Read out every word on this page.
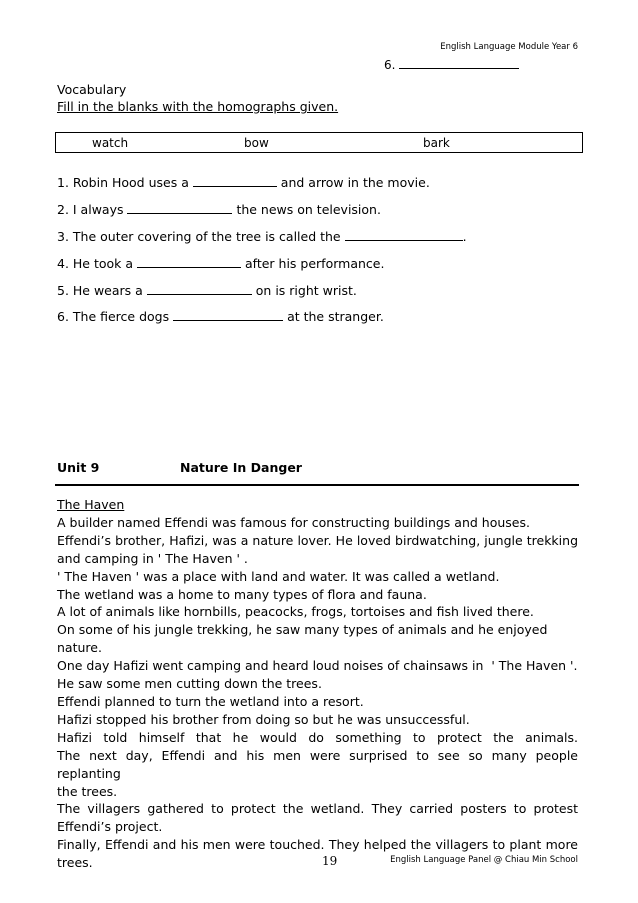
English Language Module Year 6
6.
Vocabulary
Fill in the blanks with the homographs given.
watch	bow	bark
1. Robin Hood uses a	and arrow in the movie.
2. I always	the news on television.
3. The outer covering of the tree is called the	.
4. He took a	after his performance.
5. He wears a	on is right wrist.
6. The fierce dogs	at the stranger.
Unit 9	Nature In Danger

The Haven

A builder named Effendi was famous for constructing buildings and houses.

Effendi’s brother, Hafizi, was a nature lover. He loved birdwatching, jungle trekking

and camping in ' The Haven ' .

' The Haven ' was a place with land and water. It was called a wetland.

The wetland was a home to many types of flora and fauna.

A lot of animals like hornbills, peacocks, frogs, tortoises and fish lived there.

On some of his jungle trekking, he saw many types of animals and he enjoyed nature.

One day Hafizi went camping and heard loud noises of chainsaws in  ' The Haven '.

He saw some men cutting down the trees.

Effendi planned to turn the wetland into a resort.

Hafizi stopped his brother from doing so but he was unsuccessful.

Hafizi told himself that he would do something to protect the animals.

The next day, Effendi and his men were surprised to see so many people replanting

the trees.

The villagers gathered to protect the wetland. They carried posters to protest

Effendi’s project.

Finally, Effendi and his men were touched. They helped the villagers to plant more

trees.	19	English Language Panel @ Chiau Min School
